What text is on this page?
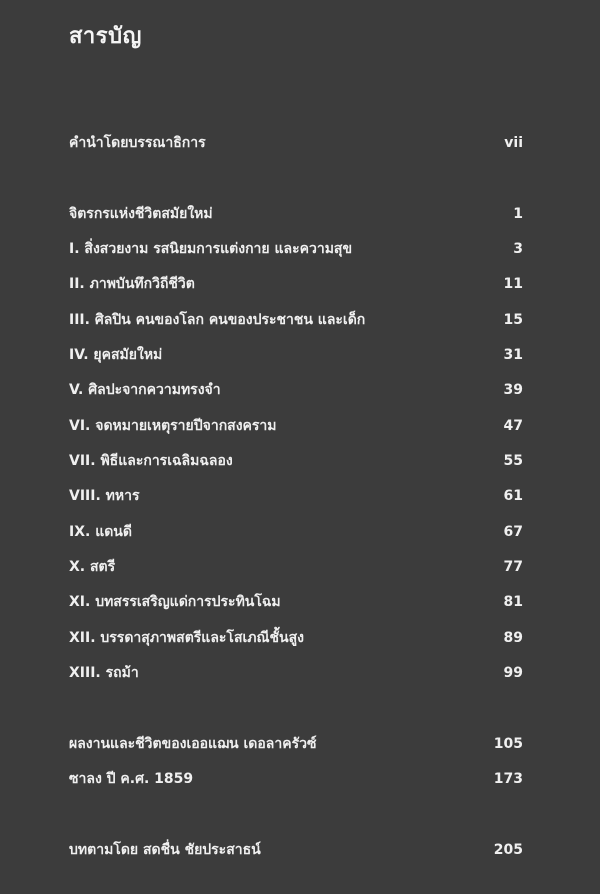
สารบัญ
คำนำโดยบรรณาธิการ	vii
จิตรกรแห่งชีวิตสมัยใหม่	1
I. สิ่งสวยงาม รสนิยมการแต่งกาย และความสุข	3
II. ภาพบันทึกวิถีชีวิต	11
III. ศิลปิน คนของโลก คนของประชาชน และเด็ก	15
IV. ยุคสมัยใหม่	31
V. ศิลปะจากความทรงจำ	39
VI. จดหมายเหตุรายปีจากสงคราม	47
VII. พิธีและการเฉลิมฉลอง	55
VIII. ทหาร	61
IX. แดนดี	67
X. สตรี	77
XI. บทสรรเสริญแด่การประทินโฉม	81
XII. บรรดาสุภาพสตรีและโสเภณีชั้นสูง	89
XIII. รถม้า	99
ผลงานและชีวิตของเออแฌน เดอลาครัวซ์	105
ซาลง ปี ค.ศ. 1859	173
บทตามโดย สดชื่น ชัยประสาธน์	205
